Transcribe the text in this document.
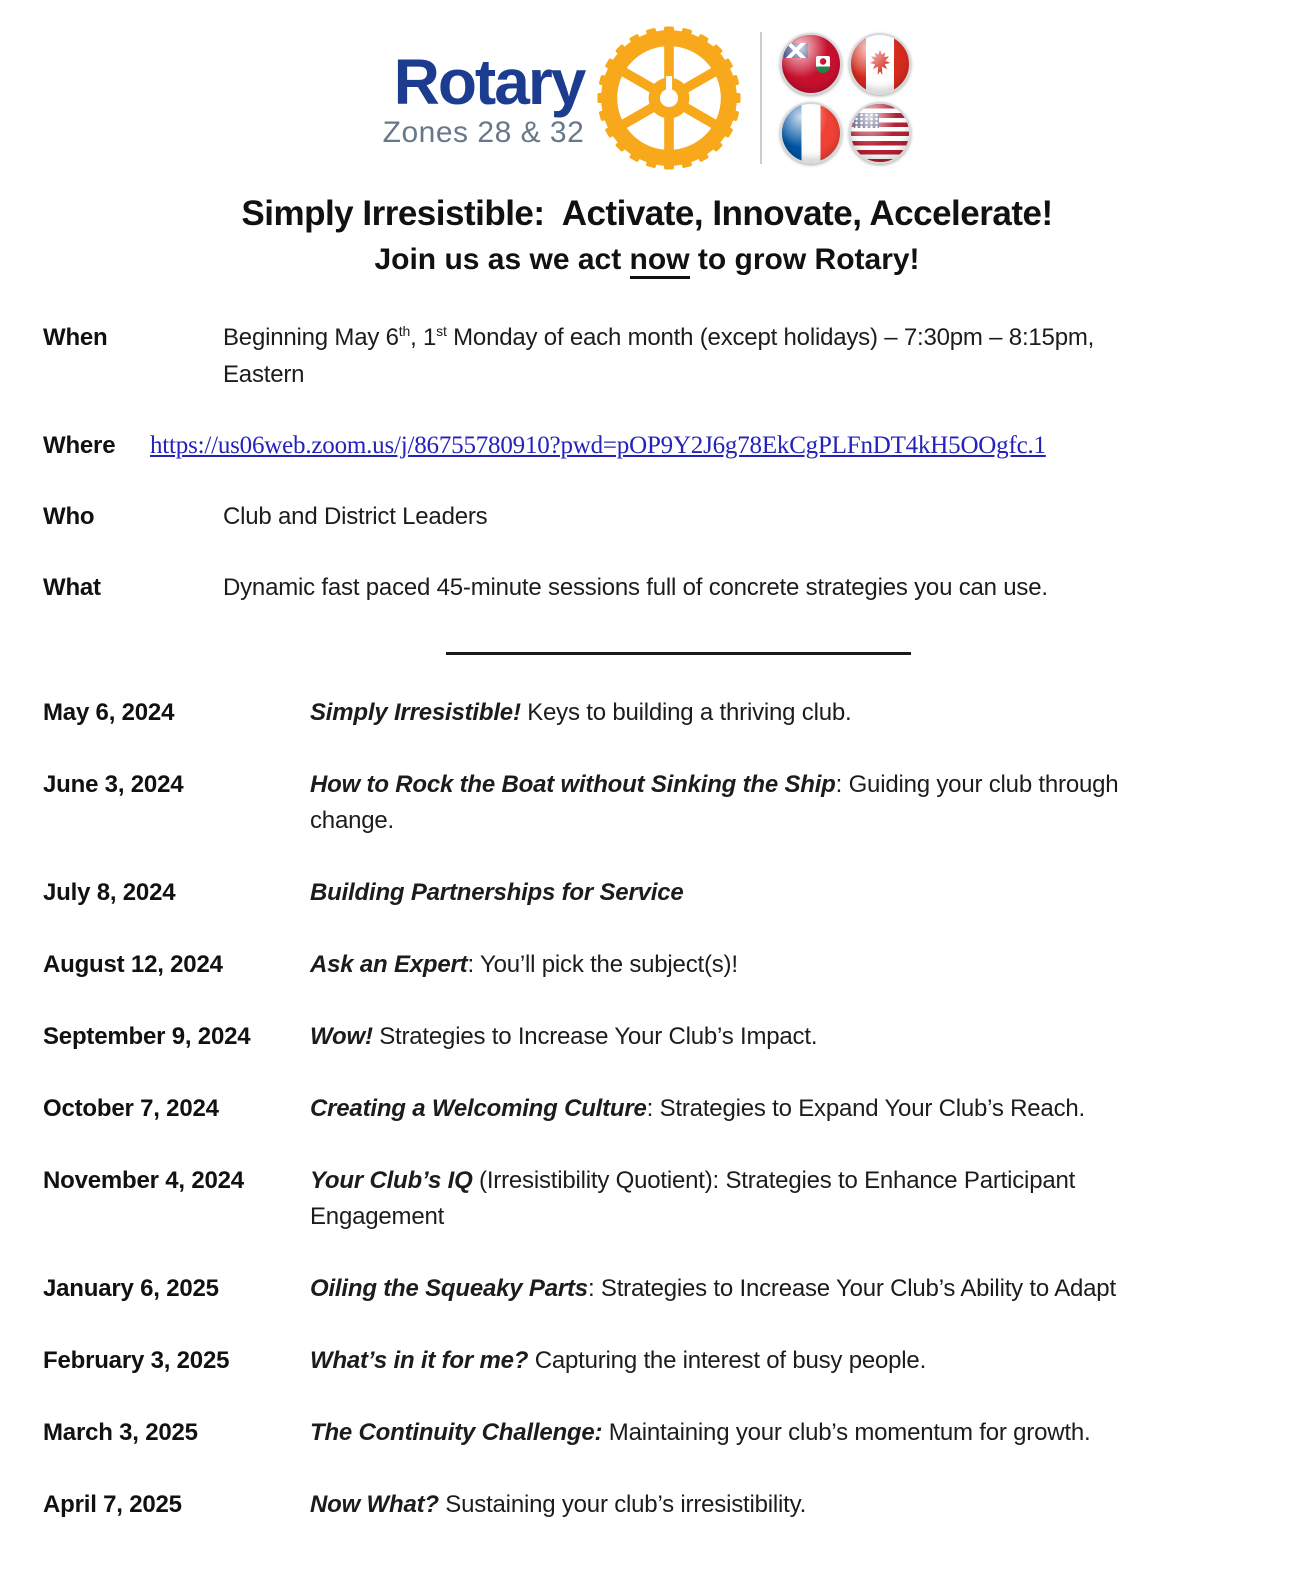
Rotary
Zones 28 & 32
Simply Irresistible:  Activate, Innovate, Accelerate!
Join us as we act now to grow Rotary!
When	Beginning May 6th, 1st Monday of each month (except holidays) – 7:30pm – 8:15pm,
Eastern
Where	https://us06web.zoom.us/j/86755780910?pwd=pOP9Y2J6g78EkCgPLFnDT4kH5OOgfc.1
Who	Club and District Leaders
What	Dynamic fast paced 45-minute sessions full of concrete strategies you can use.
May 6, 2024	Simply Irresistible! Keys to building a thriving club.
June 3, 2024	How to Rock the Boat without Sinking the Ship: Guiding your club through
change.
July 8, 2024	Building Partnerships for Service
August 12, 2024	Ask an Expert: You’ll pick the subject(s)!
September 9, 2024	Wow! Strategies to Increase Your Club’s Impact.
October 7, 2024	Creating a Welcoming Culture: Strategies to Expand Your Club’s Reach.
November 4, 2024	Your Club’s IQ (Irresistibility Quotient): Strategies to Enhance Participant
Engagement
January 6, 2025	Oiling the Squeaky Parts: Strategies to Increase Your Club’s Ability to Adapt
February 3, 2025	What’s in it for me? Capturing the interest of busy people.
March 3, 2025	The Continuity Challenge: Maintaining your club’s momentum for growth.
April 7, 2025	Now What? Sustaining your club’s irresistibility.
